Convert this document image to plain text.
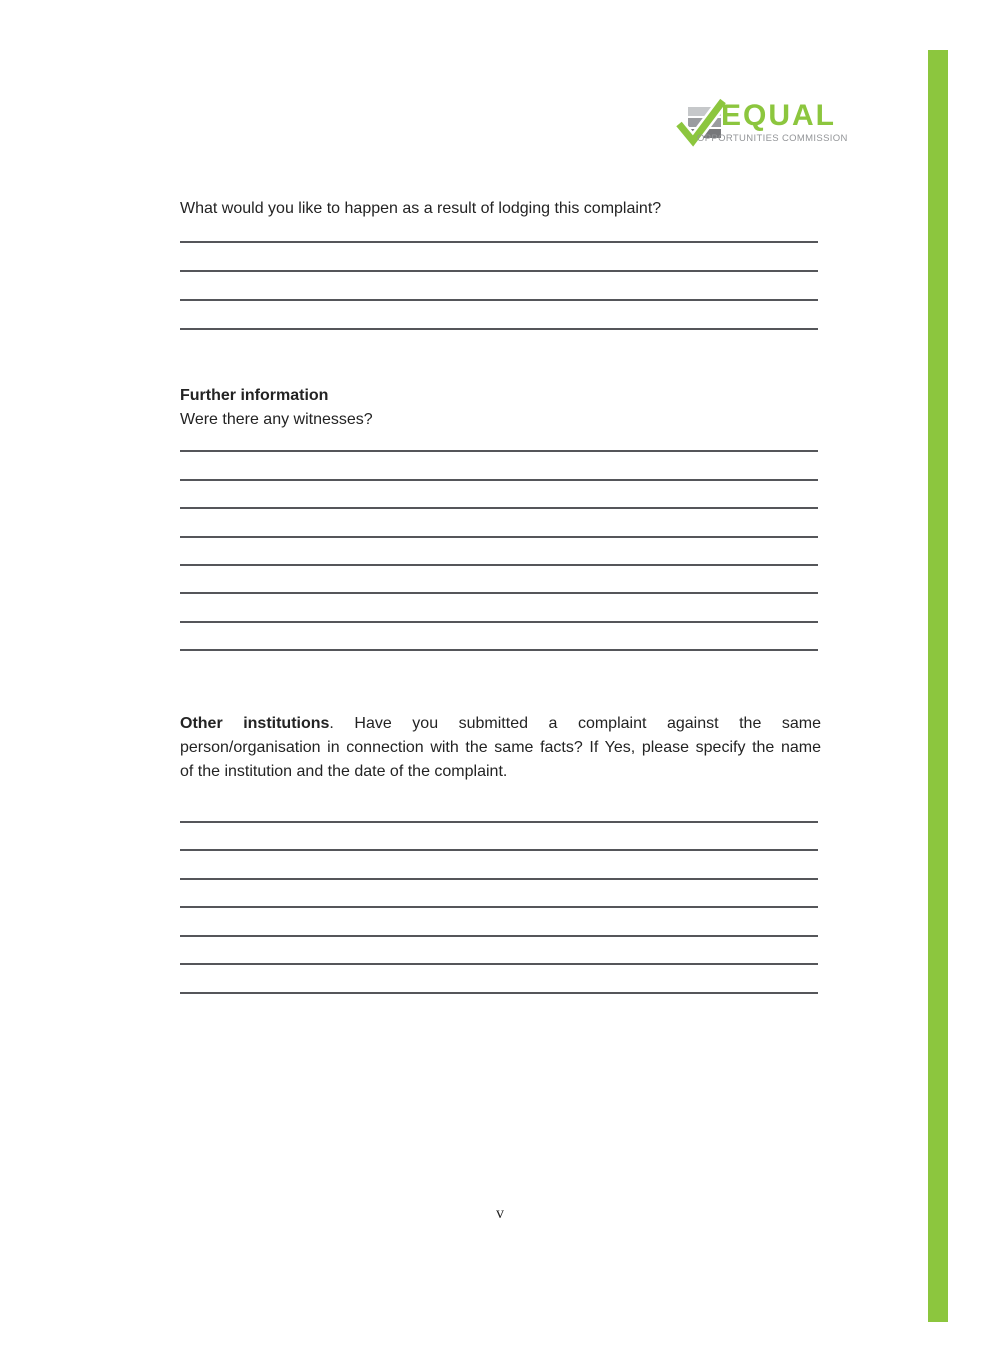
EQUAL
OPPORTUNITIES COMMISSION
What would you like to happen as a result of lodging this complaint?
Further information
Were there any witnesses?
Other institutions. Have you submitted a complaint against the same
person/organisation in connection with the same facts? If Yes, please specify the name
of the institution and the date of the complaint.
v
